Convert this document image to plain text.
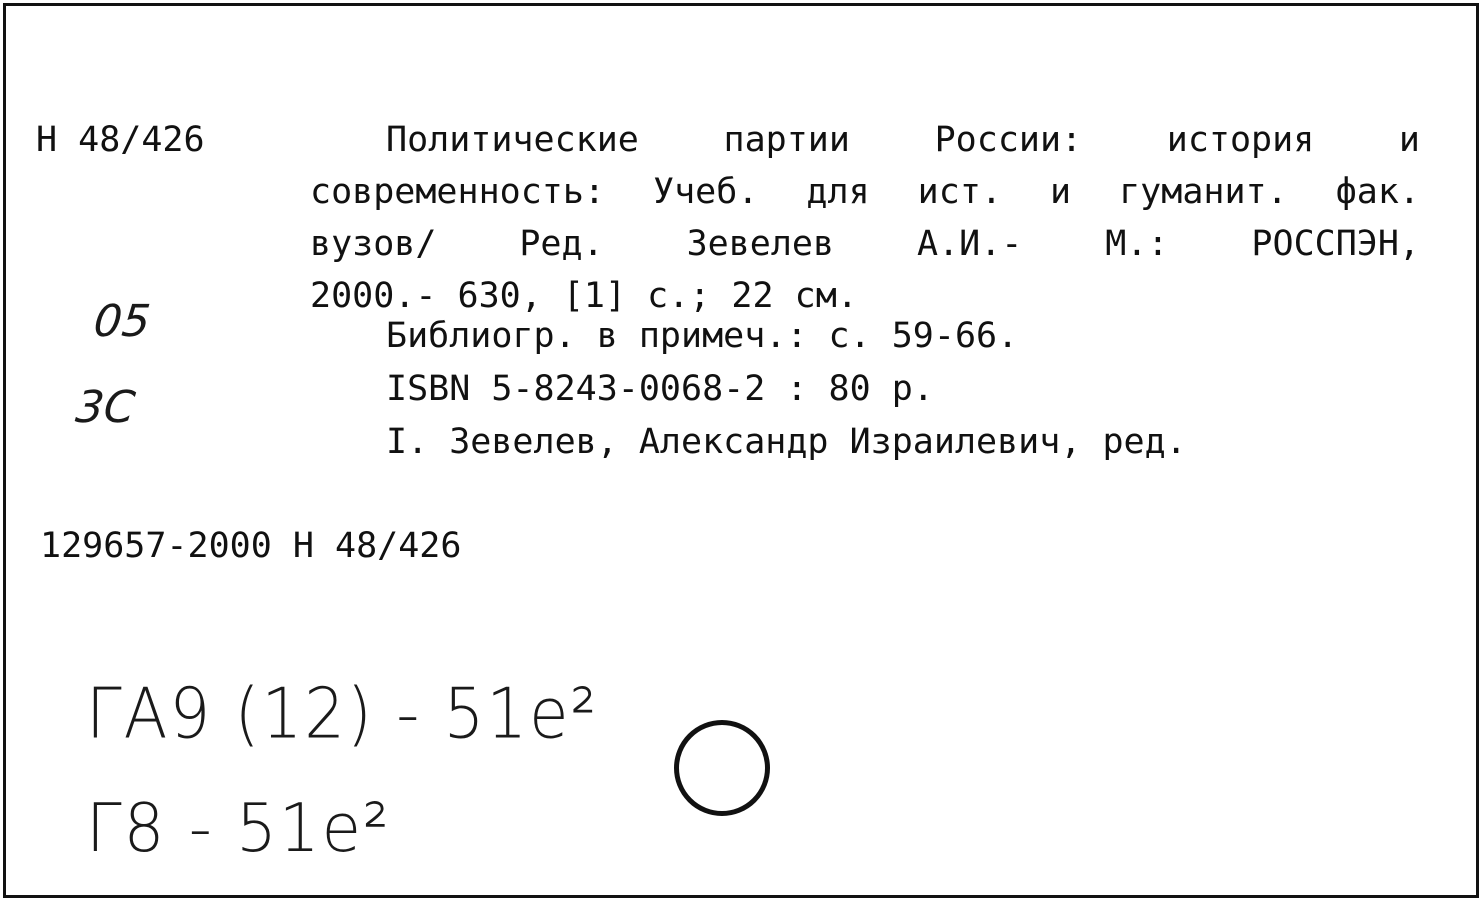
Н 48/426	Политические партии России: история и
современность: Учеб. для ист. и гуманит. фак.
вузов/ Ред. Зевелев А.И.- М.: РОССПЭН,
2000.- 630, [1] с.; 22 см.
Библиогр. в примеч.: с. 59-66.
ISBN 5-8243-0068-2 : 80 р.
I. Зевелев, Александр Израилевич, ред.
129657-2000 Н 48/426
05
3C
ГА9 (12) - 51e²
Г8 - 51e²
